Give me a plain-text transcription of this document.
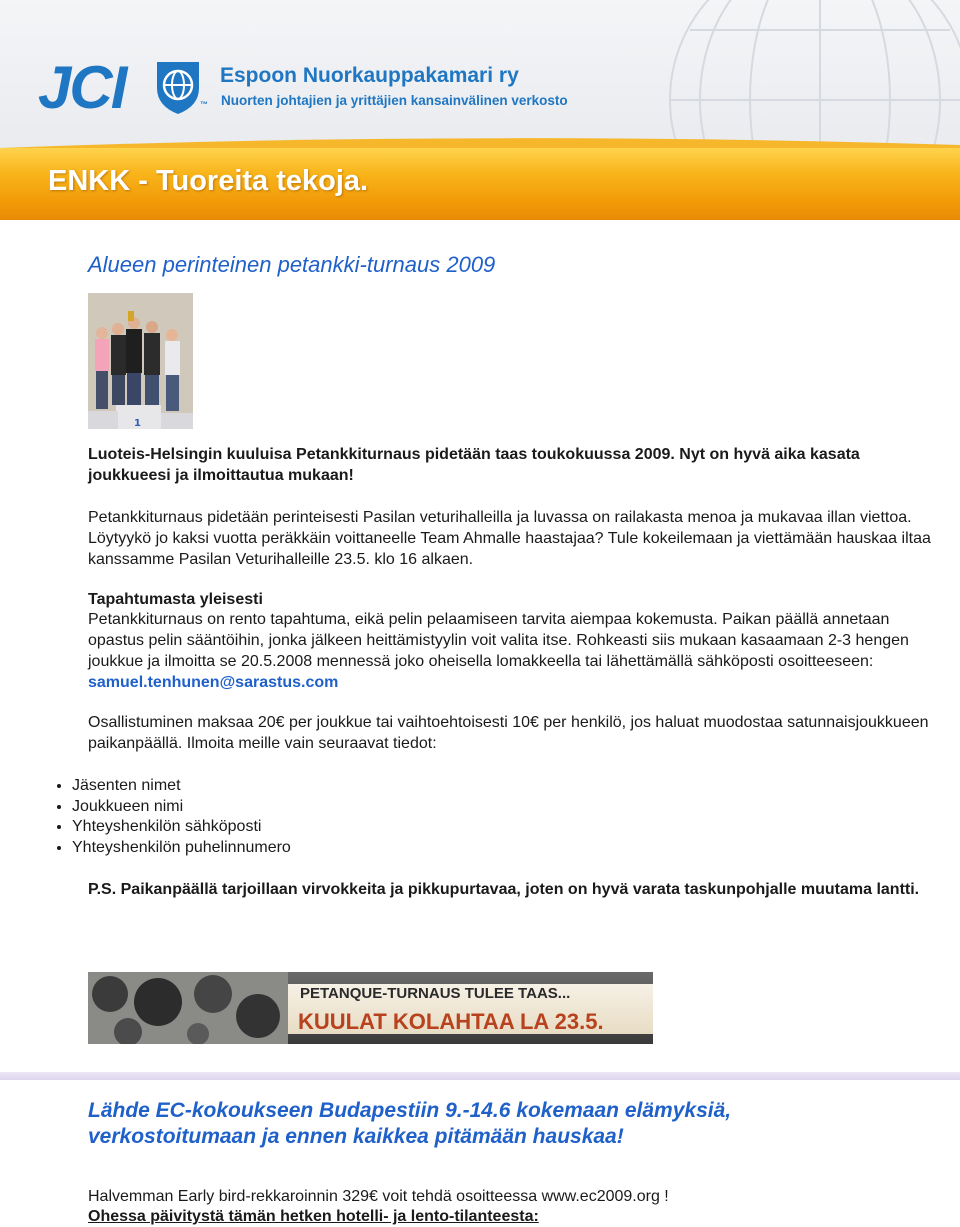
JCI	™
Espoon Nuorkauppakamari ry
Nuorten johtajien ja yrittäjien kansainvälinen verkosto
ENKK - Tuoreita tekoja.
Alueen perinteinen petankki-turnaus 2009
1

Luoteis-Helsingin kuuluisa Petankkiturnaus pidetään taas toukokuussa 2009. Nyt on hyvä aika kasata joukkueesi ja ilmoittautua mukaan!

Petankkiturnaus pidetään perinteisesti Pasilan veturihalleilla ja luvassa on railakasta menoa ja mukavaa illan viettoa. Löytyykö jo kaksi vuotta peräkkäin voittaneelle Team Ahmalle haastajaa? Tule kokeilemaan ja viettämään hauskaa iltaa kanssamme Pasilan Veturihalleille 23.5. klo 16 alkaen.

Tapahtumasta yleisesti

Petankkiturnaus on rento tapahtuma, eikä pelin pelaamiseen tarvita aiempaa kokemusta. Paikan päällä annetaan opastus pelin sääntöihin, jonka jälkeen heittämistyylin voit valita itse. Rohkeasti siis mukaan kasaamaan 2-3 hengen joukkue ja ilmoitta se 20.5.2008 mennessä joko oheisella lomakkeella tai lähettämällä sähköposti osoitteeseen: samuel.tenhunen@sarastus.com

Osallistuminen maksaa 20€ per joukkue tai vaihtoehtoisesti 10€ per henkilö, jos haluat muodostaa satunnaisjoukkueen paikanpäällä. Ilmoita meille vain seuraavat tiedot:

• Jäsenten nimet
• Joukkueen nimi
• Yhteyshenkilön sähköposti
• Yhteyshenkilön puhelinnumero

P.S. Paikanpäällä tarjoillaan virvokkeita ja pikkupurtavaa, joten on hyvä varata taskunpohjalle muutama lantti.

PETANQUE-TURNAUS TULEE TAAS...
KUULAT KOLAHTAA LA 23.5.
Lähde EC-kokoukseen Budapestiin 9.-14.6 kokemaan elämyksiä, verkostoitumaan ja ennen kaikkea pitämään hauskaa!
Halvemman Early bird-rekkaroinnin 329€ voit tehdä osoitteessa www.ec2009.org !
Ohessa päivitystä tämän hetken hotelli- ja lento-tilanteesta:
